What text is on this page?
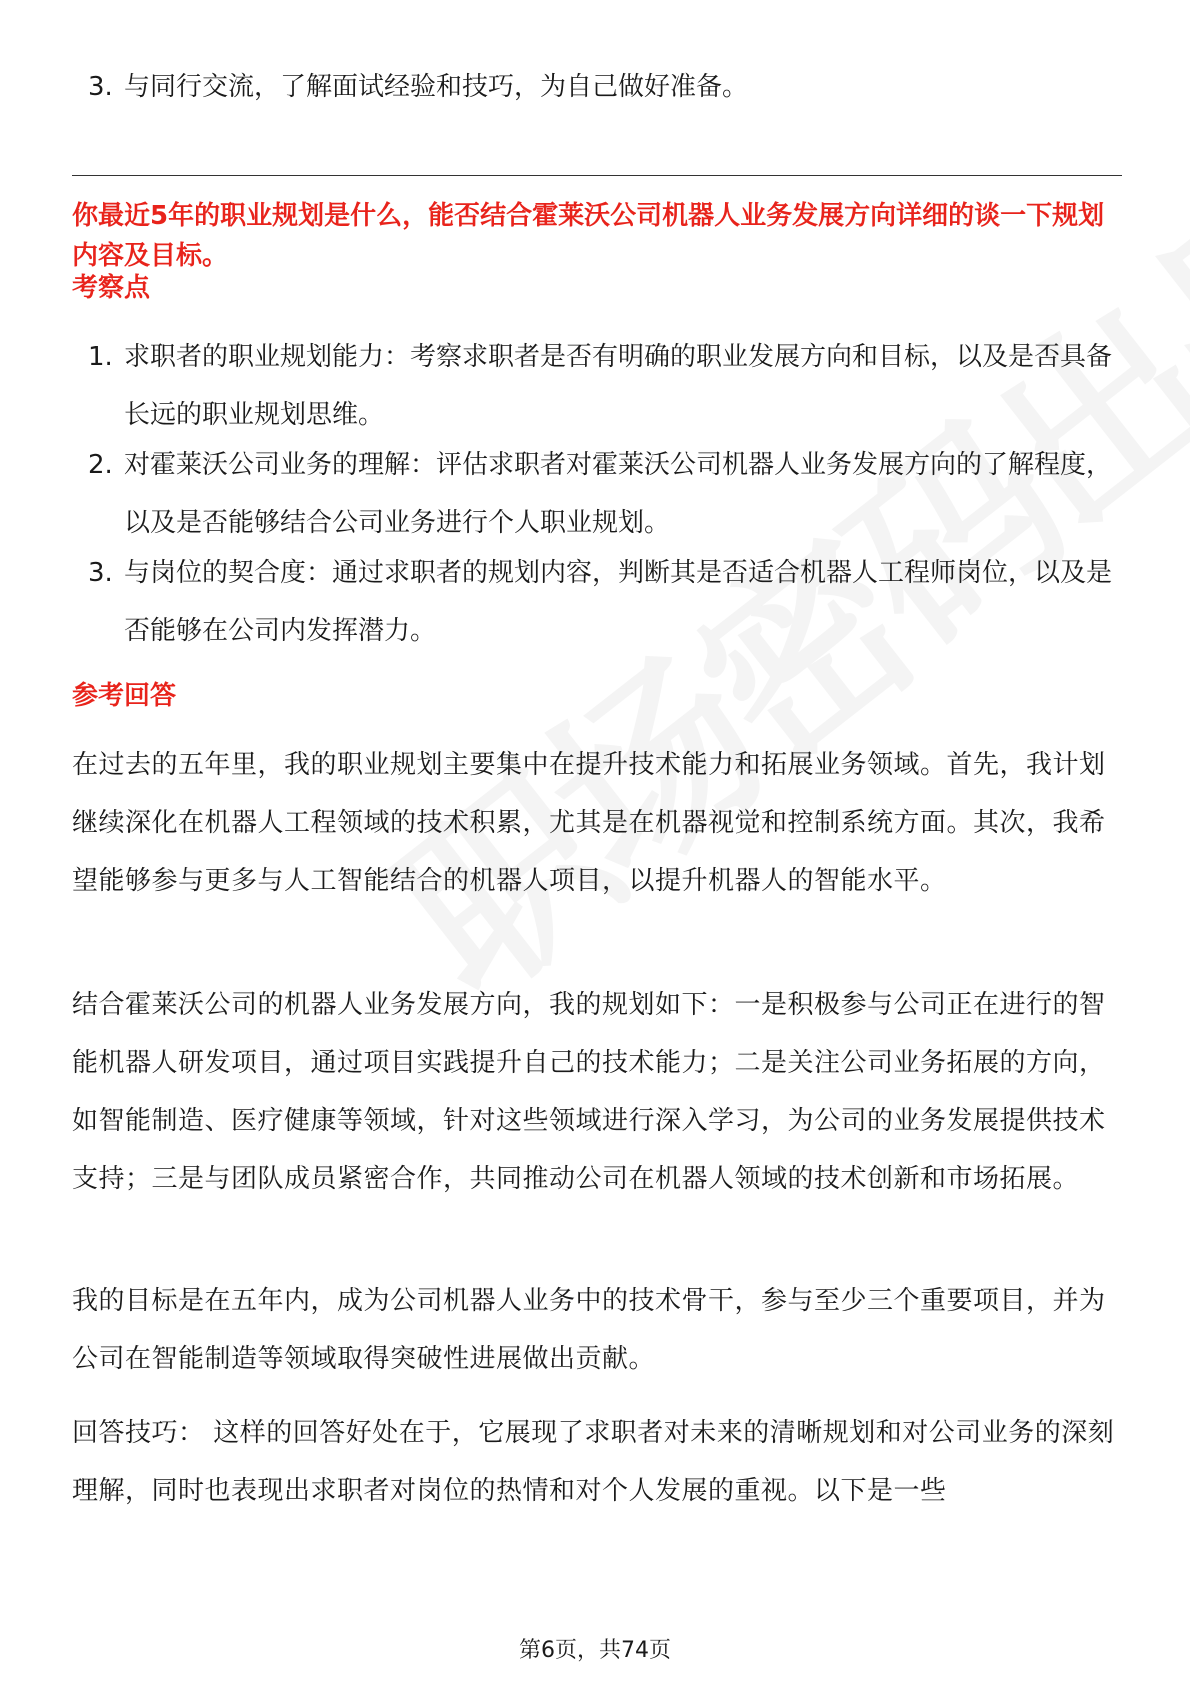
3. 与同行交流，了解面试经验和技巧，为自己做好准备。
你最近5年的职业规划是什么，能否结合霍莱沃公司机器人业务发展方向详细的谈一下规划内容及目标。
考察点
1. 求职者的职业规划能力：考察求职者是否有明确的职业发展方向和目标，以及是否具备长远的职业规划思维。
2. 对霍莱沃公司业务的理解：评估求职者对霍莱沃公司机器人业务发展方向的了解程度，以及是否能够结合公司业务进行个人职业规划。
3. 与岗位的契合度：通过求职者的规划内容，判断其是否适合机器人工程师岗位，以及是否能够在公司内发挥潜力。
参考回答
在过去的五年里，我的职业规划主要集中在提升技术能力和拓展业务领域。首先，我计划继续深化在机器人工程领域的技术积累，尤其是在机器视觉和控制系统方面。其次，我希望能够参与更多与人工智能结合的机器人项目，以提升机器人的智能水平。
结合霍莱沃公司的机器人业务发展方向，我的规划如下：一是积极参与公司正在进行的智能机器人研发项目，通过项目实践提升自己的技术能力；二是关注公司业务拓展的方向，如智能制造、医疗健康等领域，针对这些领域进行深入学习，为公司的业务发展提供技术支持；三是与团队成员紧密合作，共同推动公司在机器人领域的技术创新和市场拓展。
我的目标是在五年内，成为公司机器人业务中的技术骨干，参与至少三个重要项目，并为公司在智能制造等领域取得突破性进展做出贡献。
回答技巧： 这样的回答好处在于，它展现了求职者对未来的清晰规划和对公司业务的深刻理解，同时也表现出求职者对岗位的热情和对个人发展的重视。以下是一些
第6页，共74页
